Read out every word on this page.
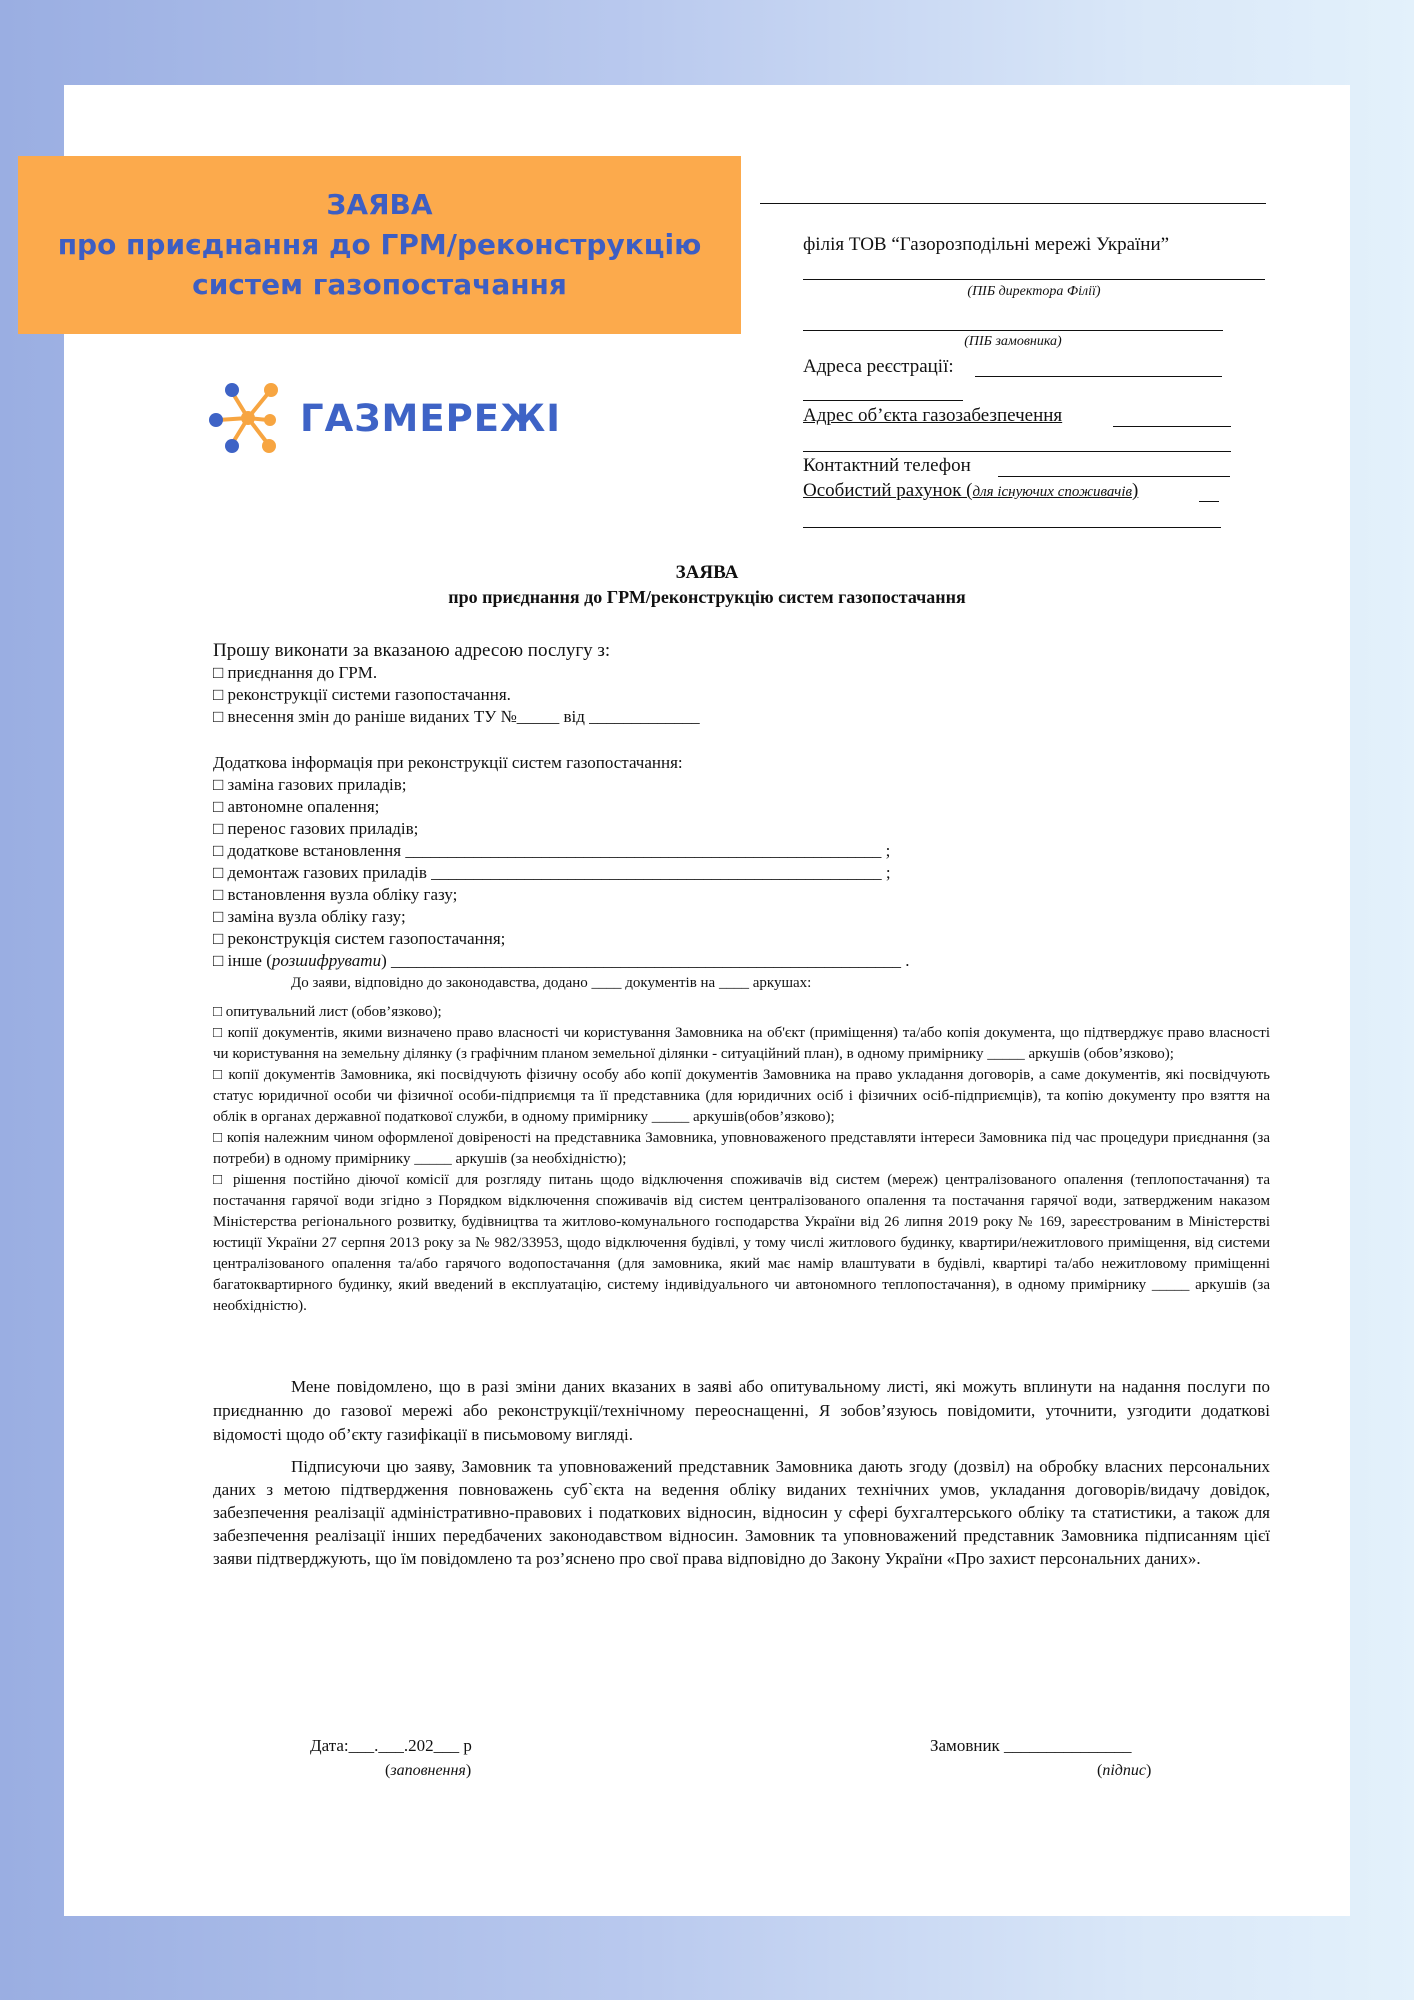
ЗАЯВА
про приєднання до ГРМ/реконструкцію
систем газопостачання
ГАЗМЕРЕЖІ
філія ТОВ “Газорозподільні мережі України”
(ПІБ директора Філії)
(ПІБ замовника)
Адреса реєстрації:
Адрес об’єкта газозабезпечення
Контактний телефон
Особистий рахунок (для існуючих споживачів)
ЗАЯВА
про приєднання до ГРМ/реконструкцію систем газопостачання

Прошу виконати за вказаною адресою послугу з:

□ приєднання до ГРМ.

□ реконструкції системи газопостачання.

□ внесення змін до раніше виданих ТУ №_____ від _____________

Додаткова інформація при реконструкції систем газопостачання:

□ заміна газових приладів;

□ автономне опалення;

□ перенос газових приладів;

□ додаткове встановлення ________________________________________________________ ;

□ демонтаж газових приладів _____________________________________________________ ;

□ встановлення вузла обліку газу;

□ заміна вузла обліку газу;

□ реконструкція систем газопостачання;

□ інше (розшифрувати) ____________________________________________________________ .

До заяви, відповідно до законодавства, додано ____ документів на ____ аркушах:

□ опитувальний лист (обов’язково);

□ копії документів, якими визначено право власності чи користування Замовника на об'єкт (приміщення) та/або копія документа, що підтверджує право власності чи користування на земельну ділянку (з графічним планом земельної ділянки - ситуаційний план), в одному примірнику _____ аркушів (обов’язково);

□ копії документів Замовника, які посвідчують фізичну особу або копії документів Замовника на право укладання договорів, а саме документів, які посвідчують статус юридичної особи чи фізичної особи-підприємця та її представника (для юридичних осіб і фізичних осіб-підприємців), та копію документу про взяття на облік в органах державної податкової служби, в одному примірнику _____ аркушів(обов’язково);

□ копія належним чином оформленої довіреності на представника Замовника, уповноваженого представляти інтереси Замовника під час процедури приєднання (за потреби) в одному примірнику _____ аркушів (за необхідністю);

□ рішення постійно діючої комісії для розгляду питань щодо відключення споживачів від систем (мереж) централізованого опалення (теплопостачання) та постачання гарячої води згідно з Порядком відключення споживачів від систем централізованого опалення та постачання гарячої води, затвердженим наказом Міністерства регіонального розвитку, будівництва та житлово-комунального господарства України від 26 липня 2019 року № 169, зареєстрованим в Міністерстві юстиції України 27 серпня 2013 року за № 982/33953, щодо відключення будівлі, у тому числі житлового будинку, квартири/нежитлового приміщення, від системи централізованого опалення та/або гарячого водопостачання (для замовника, який має намір влаштувати в будівлі, квартирі та/або нежитловому приміщенні багатоквартирного будинку, який введений в експлуатацію, систему індивідуального чи автономного теплопостачання), в одному примірнику _____ аркушів (за необхідністю).

Мене повідомлено, що в разі зміни даних вказаних в заяві або опитувальному листі, які можуть вплинути на надання послуги по приєднанню до газової мережі або реконструкції/технічному переоснащенні, Я зобов’язуюсь повідомити, уточнити, узгодити додаткові відомості щодо об’єкту газифікації в письмовому вигляді.

Підписуючи цю заяву, Замовник та уповноважений представник Замовника дають згоду (дозвіл) на обробку власних персональних даних з метою підтвердження повноважень суб`єкта на ведення обліку виданих технічних умов, укладання договорів/видачу довідок, забезпечення реалізації адміністративно-правових і податкових відносин, відносин у сфері бухгалтерського обліку та статистики, а також для забезпечення реалізації інших передбачених законодавством відносин. Замовник та уповноважений представник Замовника підписанням цієї заяви підтверджують, що їм повідомлено та роз’яснено про свої права відповідно до Закону України «Про захист персональних даних».

Дата:___.___.202___ р
(заповнення)
Замовник _______________
(підпис)
